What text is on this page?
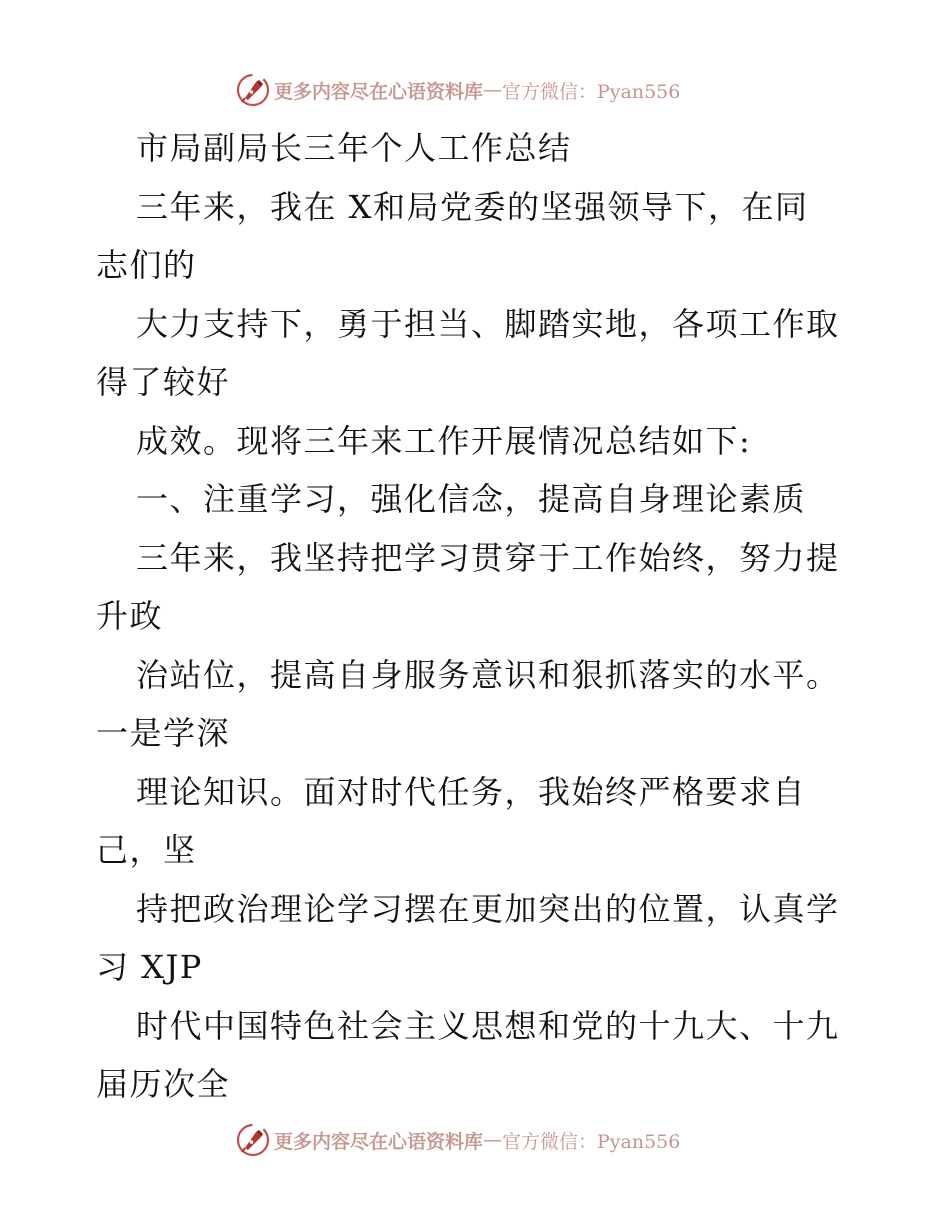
更多内容尽在心语资料库 — 官方微信：Pyan556
市局副局长三年个人工作总结
三年来，我在 X和局党委的坚强领导下，在同
志们的
大力支持下，勇于担当、脚踏实地，各项工作取
得了较好
成效。现将三年来工作开展情况总结如下:
一、注重学习，强化信念，提高自身理论素质
三年来，我坚持把学习贯穿于工作始终，努力提
升政
治站位，提高自身服务意识和狠抓落实的水平。
一是学深
理论知识。面对时代任务，我始终严格要求自
己，坚
持把政治理论学习摆在更加突出的位置，认真学
习 XJP
时代中国特色社会主义思想和党的十九大、十九
届历次全
更多内容尽在心语资料库 — 官方微信：Pyan556
